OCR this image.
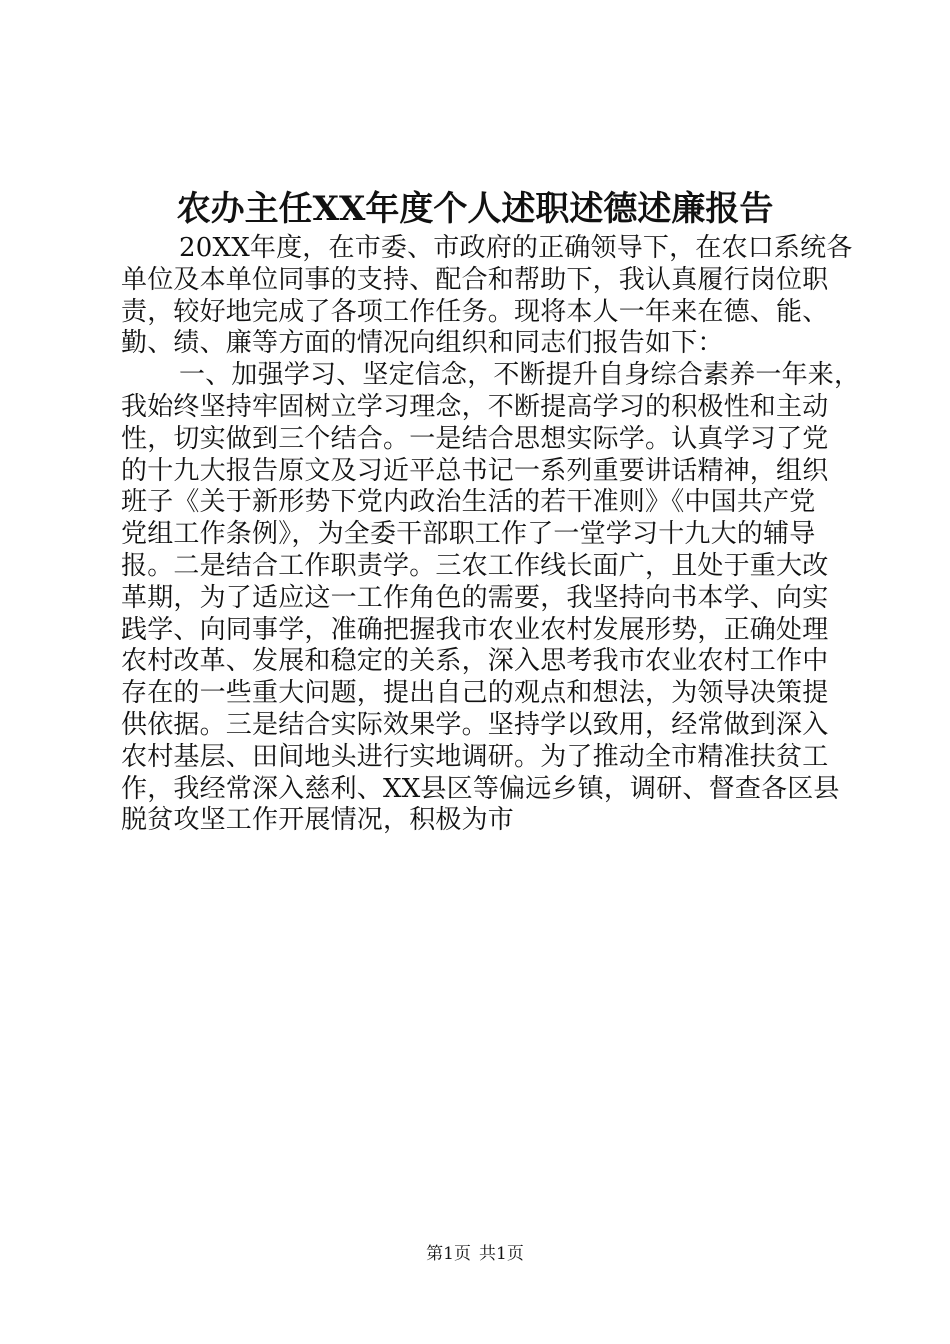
农办主任XX年度个人述职述德述廉报告
20XX年度，在市委、市政府的正确领导下，在农口系统各
单位及本单位同事的支持、配合和帮助下，我认真履行岗位职
责，较好地完成了各项工作任务。现将本人一年来在德、能、
勤、绩、廉等方面的情况向组织和同志们报告如下：
一、加强学习、坚定信念，不断提升自身综合素养一年来，
我始终坚持牢固树立学习理念，不断提高学习的积极性和主动
性，切实做到三个结合。一是结合思想实际学。认真学习了党
的十九大报告原文及习近平总书记一系列重要讲话精神，组织
班子《关于新形势下党内政治生活的若干准则》《中国共产党
党组工作条例》，为全委干部职工作了一堂学习十九大的辅导
报。二是结合工作职责学。三农工作线长面广，且处于重大改
革期，为了适应这一工作角色的需要，我坚持向书本学、向实
践学、向同事学，准确把握我市农业农村发展形势，正确处理
农村改革、发展和稳定的关系，深入思考我市农业农村工作中
存在的一些重大问题，提出自己的观点和想法，为领导决策提
供依据。三是结合实际效果学。坚持学以致用，经常做到深入
农村基层、田间地头进行实地调研。为了推动全市精准扶贫工
作，我经常深入慈利、XX县区等偏远乡镇，调研、督查各区县
脱贫攻坚工作开展情况，积极为市
第1页 共1页
